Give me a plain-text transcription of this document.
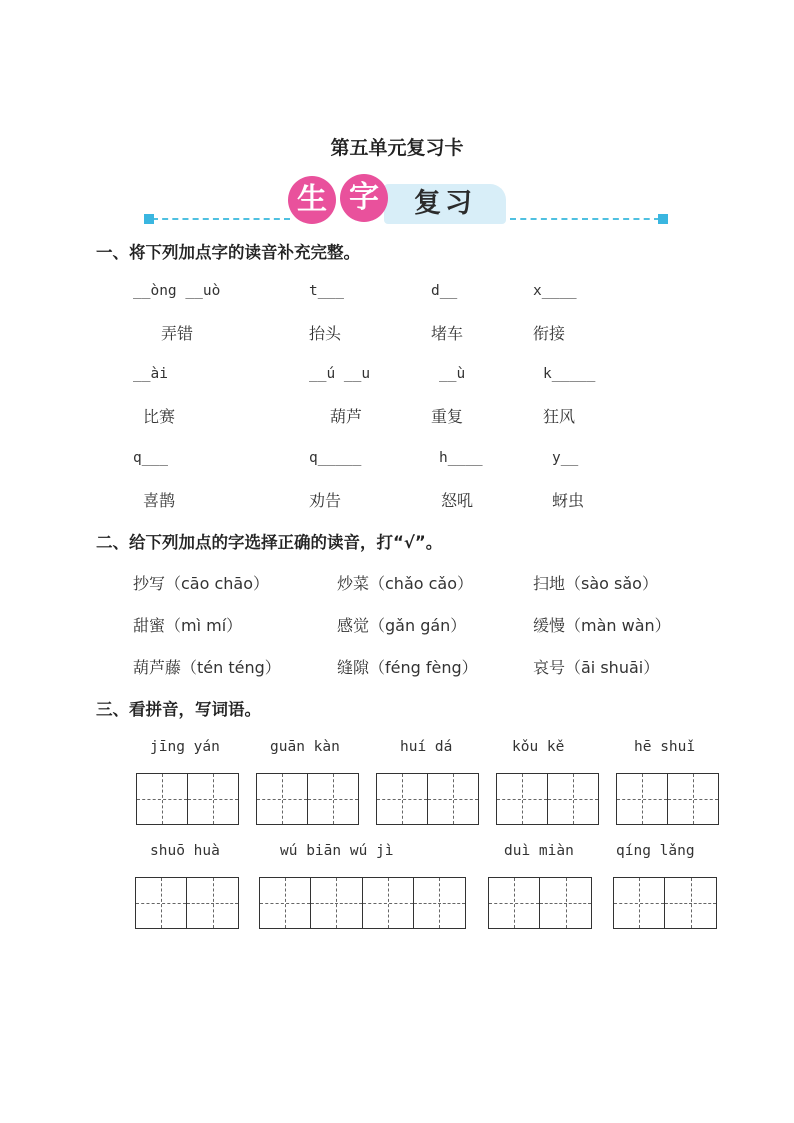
第五单元复习卡
复习
生 字
一、将下列加点字的读音补充完整。
__òng __uò	t___	d__	x____
弄错	抬头	堵车	衔接
__ài	__ú __u	__ù	k_____
比赛	葫芦	重复	狂风
q___	q_____	h____	y__
喜鹊	劝告	怒吼	蚜虫
二、给下列加点的字选择正确的读音，打“√”。
抄写（cāo chāo）	炒菜（chǎo cǎo）	扫地（sào sǎo）
甜蜜（mì mí）	感觉（gǎn gán）	缓慢（màn wàn）
葫芦藤（tén téng）	缝隙（féng fèng）	哀号（āi shuāi）
三、看拼音，写词语。
jīng yán	guān kàn	huí dá	kǒu kě	hē shuǐ
shuō huà	wú biān wú jì	duì miàn	qíng lǎng
